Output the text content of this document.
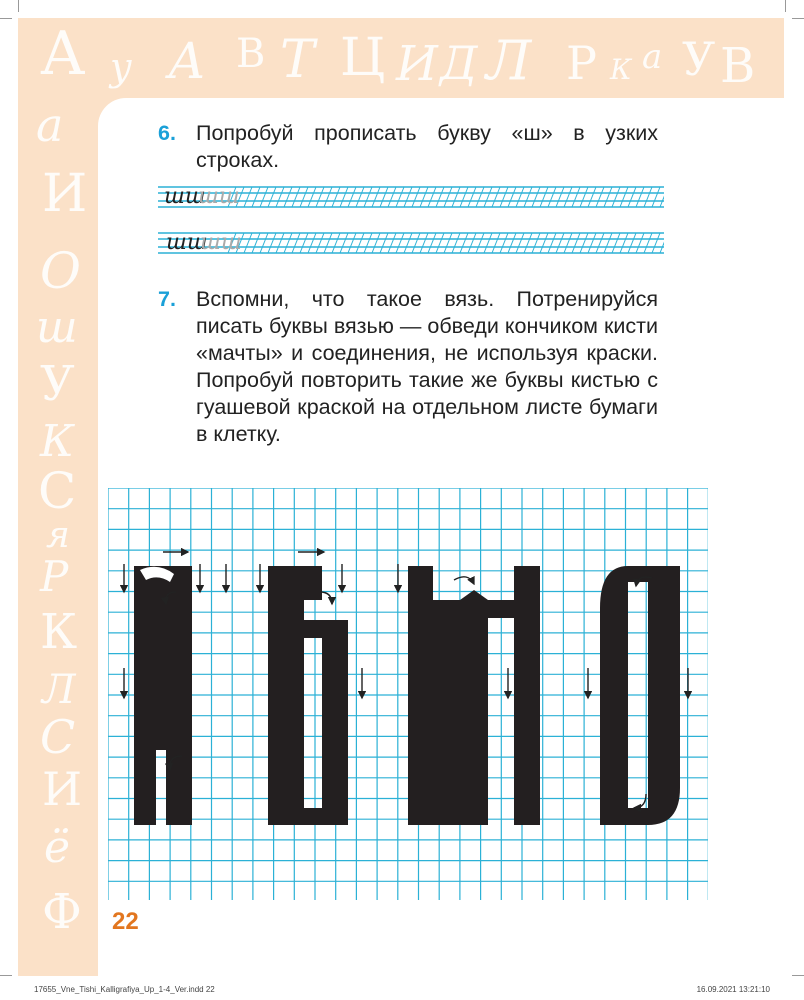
А у А В Т Ц И Д Л Р К а У В
а
И
О
ш
У
К
С
я
Р
К
Л
С
И
ё
Ф
6. Попробуй прописать букву «ш» в узких строках.
шш
шш
шш
шш
7. Вспомни, что такое вязь. Потренируйся писать буквы вязью — обведи кончиком кисти «мачты» и соединения, не используя краски. Попробуй повторить такие же буквы кистью с гуашевой краской на отдельном листе бумаги в клетку.
22
17655_Vne_Tishi_Kalligrafiya_Up_1-4_Ver.indd 22	16.09.2021 13:21:10
